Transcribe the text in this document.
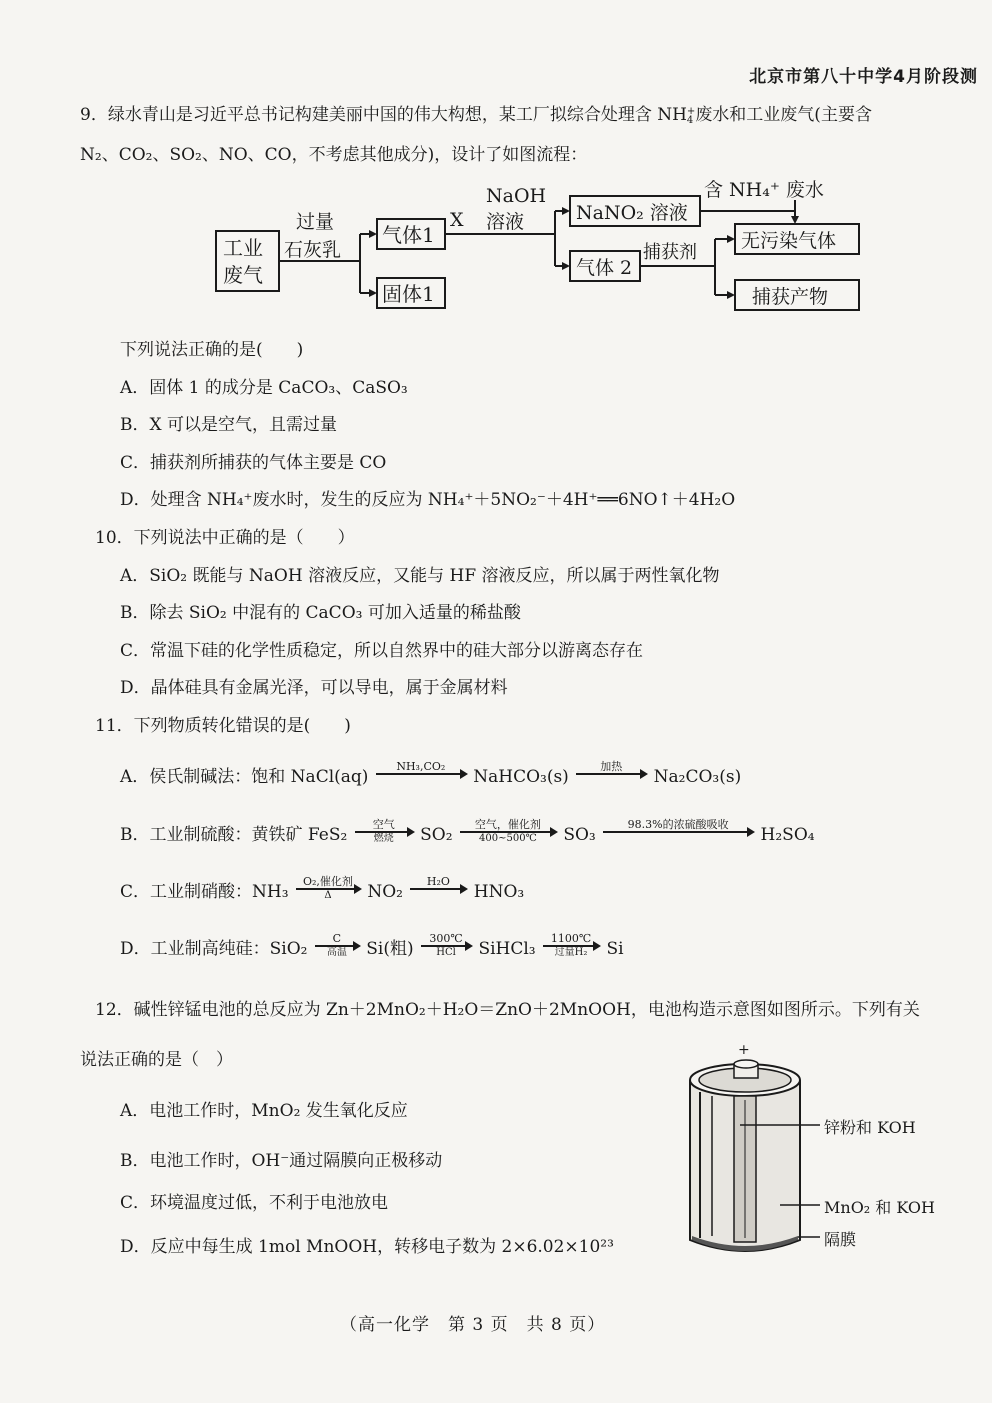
北京市第八十中学4月阶段测
9．绿水青山是习近平总书记构建美丽中国的伟大构想，某工厂拟综合处理含 NH +
4 废水和工业废气(主要含
N₂、CO₂、SO₂、NO、CO，不考虑其他成分)，设计了如图流程：
工业
废气
过量
石灰乳
气体1
固体1
X
NaOH
溶液	NaNO₂ 溶液
气体 2
含 NH₄⁺ 废水
捕获剂
无污染气体
捕获产物
下列说法正确的是(　　)
A．固体 1 的成分是 CaCO₃、CaSO₃
B．X 可以是空气，且需过量
C．捕获剂所捕获的气体主要是 CO
D．处理含 NH₄⁺废水时，发生的反应为 NH₄⁺＋5NO₂⁻＋4H⁺══6NO↑＋4H₂O
10．下列说法中正确的是（　　）
A．SiO₂ 既能与 NaOH 溶液反应，又能与 HF 溶液反应，所以属于两性氧化物
B．除去 SiO₂ 中混有的 CaCO₃ 可加入适量的稀盐酸
C．常温下硅的化学性质稳定，所以自然界中的硅大部分以游离态存在
D．晶体硅具有金属光泽，可以导电，属于金属材料
11．下列物质转化错误的是(　　)
A．侯氏制碱法：饱和 NaCl(aq)
NH₃,CO₂
NaHCO₃(s)
加热
Na₂CO₃(s)
B．工业制硫酸：黄铁矿 FeS₂
空气
燃烧 SO₂
空气，催化剂
400~500℃ SO₃
98.3%的浓硫酸吸收
H₂SO₄
C．工业制硝酸：NH₃
O₂,催化剂
Δ NO₂
H₂O
HNO₃
D．工业制高纯硅：SiO₂
C
高温 Si(粗)
300℃
HCl SiHCl₃
1100℃
过量H₂ Si
12．碱性锌锰电池的总反应为 Zn＋2MnO₂＋H₂O＝ZnO＋2MnOOH，电池构造示意图如图所示。下列有关
说法正确的是（　）
A．电池工作时，MnO₂ 发生氧化反应
B．电池工作时，OH⁻通过隔膜向正极移动
C．环境温度过低，不利于电池放电
D．反应中每生成 1mol MnOOH，转移电子数为 2×6.02×10²³
+
锌粉和 KOH
MnO₂ 和 KOH
隔膜
（高一化学　第 3 页　共 8 页）
